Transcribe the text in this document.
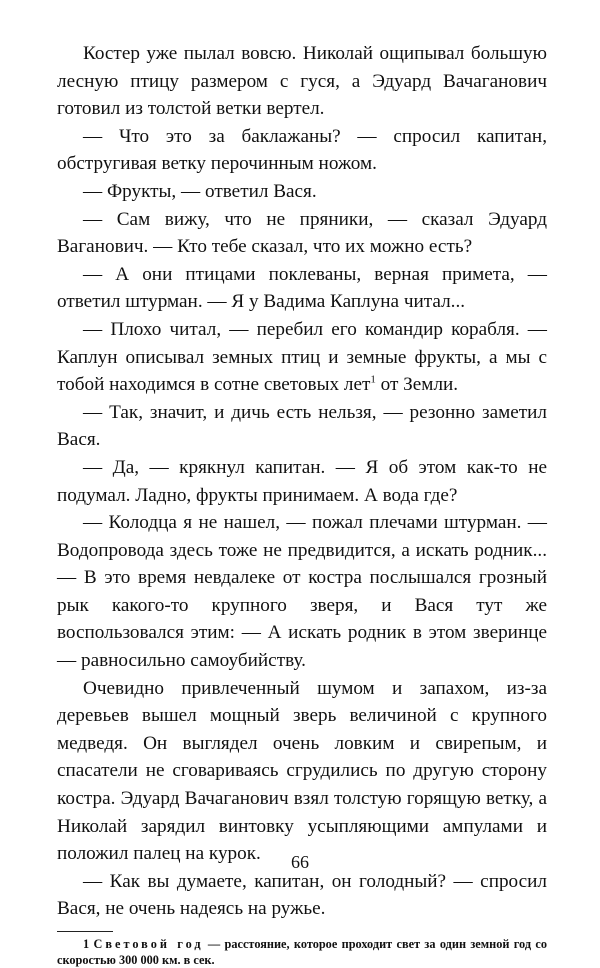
Костер уже пылал вовсю. Николай ощипывал большую лесную птицу размером с гуся, а Эдуард Вачаганович готовил из толстой ветки вертел.

— Что это за баклажаны? — спросил капитан, обстругивая ветку перочинным ножом.

— Фрукты, — ответил Вася.

— Сам вижу, что не пряники, — сказал Эдуард Ваганович. — Кто тебе сказал, что их можно есть?

— А они птицами поклеваны, верная примета, — ответил штурман. — Я у Вадима Каплуна читал...

— Плохо читал, — перебил его командир корабля. — Каплун описывал земных птиц и земные фрукты, а мы с тобой находимся в сотне световых лет$^1$ от Земли.

— Так, значит, и дичь есть нельзя, — резонно заметил Вася.

— Да, — крякнул капитан. — Я об этом как-то не подумал. Ладно, фрукты принимаем. А вода где?

— Колодца я не нашел, — пожал плечами штурман. — Водопровода здесь тоже не предвидится, а искать родник... — В это время невдалеке от костра послышался грозный рык какого-то крупного зверя, и Вася тут же воспользовался этим: — А искать родник в этом зверинце — равносильно самоубийству.

Очевидно привлеченный шумом и запахом, из-за деревьев вышел мощный зверь величиной с крупного медведя. Он выглядел очень ловким и свирепым, и спасатели не сговариваясь сгрудились по другую сторону костра. Эдуард Вачаганович взял толстую горящую ветку, а Николай зарядил винтовку усыпляющими ампулами и положил палец на курок.

— Как вы думаете, капитан, он голодный? — спросил Вася, не очень надеясь на ружье.

1 Световой год — расстояние, которое проходит свет за один земной год со скоростью 300 000 км. в сек.

66
